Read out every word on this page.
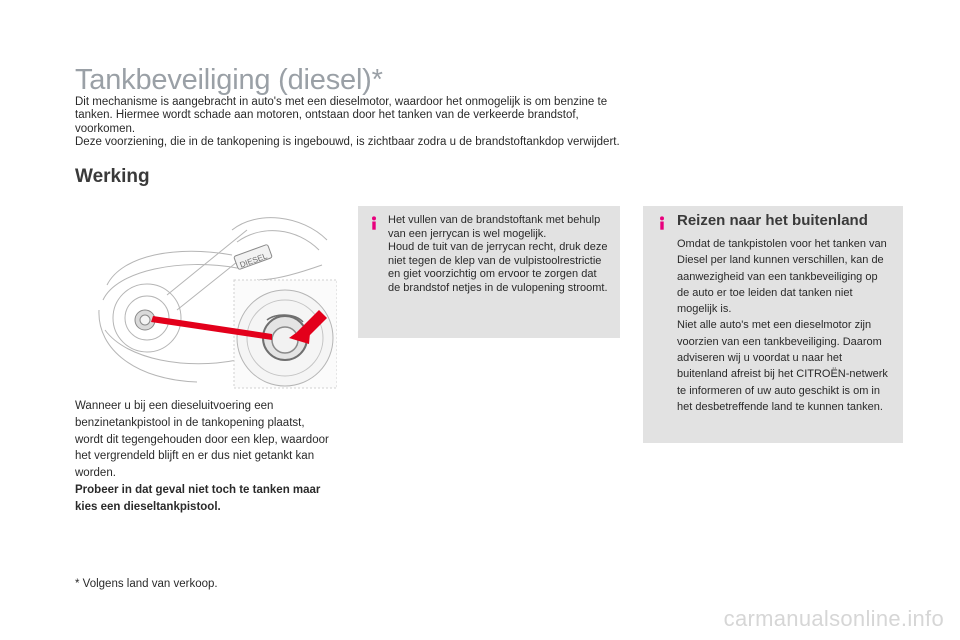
Tankbeveiliging (diesel)*

Dit mechanisme is aangebracht in auto's met een dieselmotor, waardoor het onmogelijk is om benzine te tanken. Hiermee wordt schade aan motoren, ontstaan door het tanken van de verkeerde brandstof, voorkomen.

Deze voorziening, die in de tankopening is ingebouwd, is zichtbaar zodra u de brandstoftankdop verwijdert.

Werking
DIESEL

Wanneer u bij een dieseluitvoering een benzinetankpistool in de tankopening plaatst, wordt dit tegengehouden door een klep, waardoor het vergrendeld blijft en er dus niet getankt kan worden.

Probeer in dat geval niet toch te tanken maar kies een dieseltankpistool.

Het vullen van de brandstoftank met behulp van een jerrycan is wel mogelijk.

Houd de tuit van de jerrycan recht, druk deze niet tegen de klep van de vulpistoolrestrictie en giet voorzichtig om ervoor te zorgen dat de brandstof netjes in de vulopening stroomt.

Reizen naar het buitenland

Omdat de tankpistolen voor het tanken van Diesel per land kunnen verschillen, kan de aanwezigheid van een tankbeveiliging op de auto er toe leiden dat tanken niet mogelijk is.

Niet alle auto's met een dieselmotor zijn voorzien van een tankbeveiliging. Daarom adviseren wij u voordat u naar het buitenland afreist bij het CITROËN-netwerk te informeren of uw auto geschikt is om in het desbetreffende land te kunnen tanken.

* Volgens land van verkoop.

carmanualsonline.info
